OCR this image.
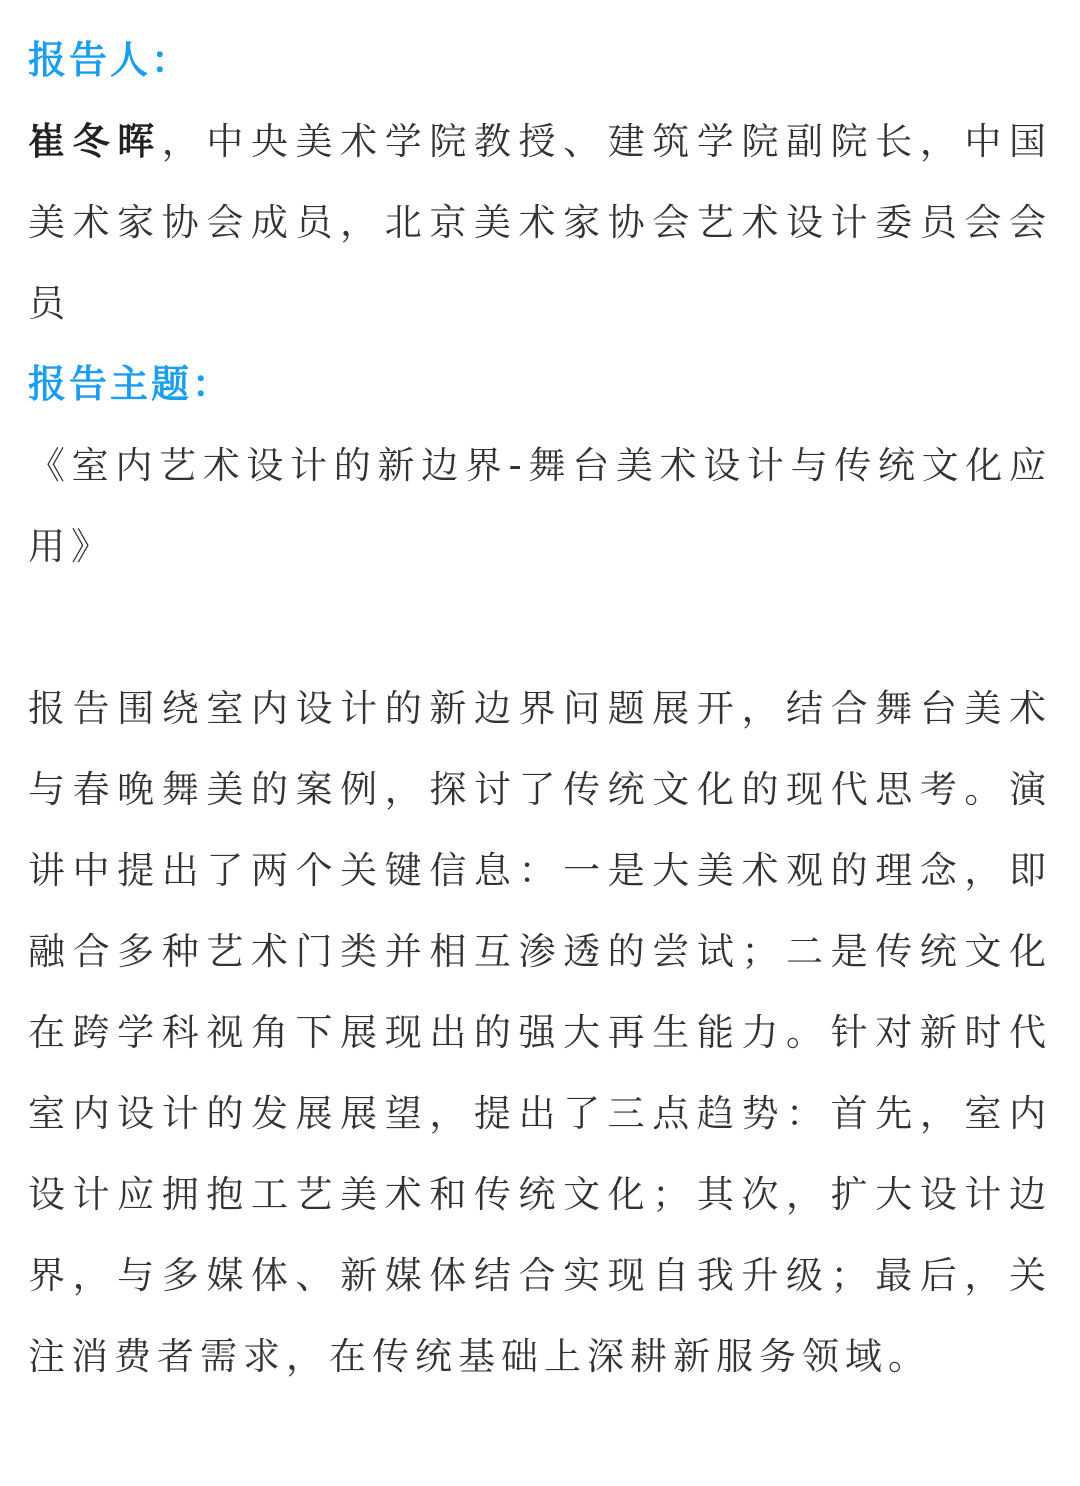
报告人：

崔冬晖，中央美术学院教授、建筑学院副院长，中国美术家协会成员，北京美术家协会艺术设计委员会会员

报告主题：

《室内艺术设计的新边界-舞台美术设计与传统文化应用》

报告围绕室内设计的新边界问题展开，结合舞台美术与春晚舞美的案例，探讨了传统文化的现代思考。演讲中提出了两个关键信息：一是大美术观的理念，即融合多种艺术门类并相互渗透的尝试；二是传统文化在跨学科视角下展现出的强大再生能力。针对新时代室内设计的发展展望，提出了三点趋势：首先，室内设计应拥抱工艺美术和传统文化；其次，扩大设计边界，与多媒体、新媒体结合实现自我升级；最后，关注消费者需求，在传统基础上深耕新服务领域。
